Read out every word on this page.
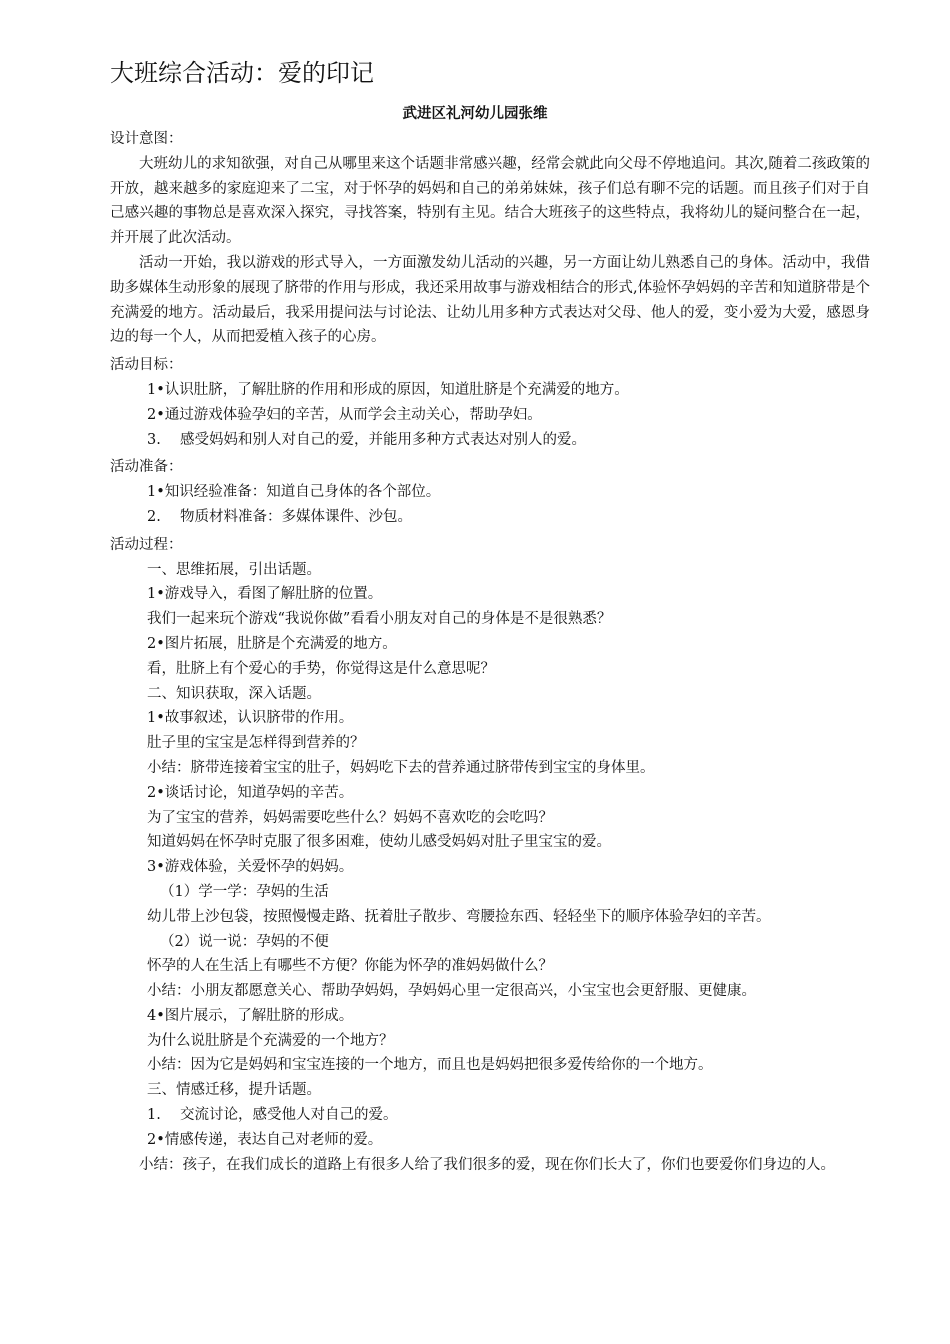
大班综合活动：爱的印记
武进区礼河幼儿园张维

设计意图：

大班幼儿的求知欲强，对自己从哪里来这个话题非常感兴趣，经常会就此向父母不停地追问。其次,随着二孩政策的开放，越来越多的家庭迎来了二宝，对于怀孕的妈妈和自己的弟弟妹妹，孩子们总有聊不完的话题。而且孩子们对于自己感兴趣的事物总是喜欢深入探究，寻找答案，特别有主见。结合大班孩子的这些特点，我将幼儿的疑问整合在一起，并开展了此次活动。

活动一开始，我以游戏的形式导入，一方面激发幼儿活动的兴趣，另一方面让幼儿熟悉自己的身体。活动中，我借助多媒体生动形象的展现了脐带的作用与形成，我还采用故事与游戏相结合的形式,体验怀孕妈妈的辛苦和知道脐带是个充满爱的地方。活动最后，我采用提问法与讨论法、让幼儿用多种方式表达对父母、他人的爱，变小爱为大爱，感恩身边的每一个人，从而把爱植入孩子的心房。

活动目标：

1•认识肚脐，了解肚脐的作用和形成的原因，知道肚脐是个充满爱的地方。

2•通过游戏体验孕妇的辛苦，从而学会主动关心，帮助孕妇。

3.　 感受妈妈和别人对自己的爱，并能用多种方式表达对别人的爱。

活动准备：

1•知识经验准备：知道自己身体的各个部位。

2.　 物质材料准备：多媒体课件、沙包。

活动过程：

一、思维拓展，引出话题。

1•游戏导入，看图了解肚脐的位置。

我们一起来玩个游戏“我说你做”看看小朋友对自己的身体是不是很熟悉？

2•图片拓展，肚脐是个充满爱的地方。

看，肚脐上有个爱心的手势，你觉得这是什么意思呢？

二、知识获取，深入话题。

1•故事叙述，认识脐带的作用。

肚子里的宝宝是怎样得到营养的？

小结：脐带连接着宝宝的肚子，妈妈吃下去的营养通过脐带传到宝宝的身体里。

2•谈话讨论，知道孕妈的辛苦。

为了宝宝的营养，妈妈需要吃些什么？妈妈不喜欢吃的会吃吗？

知道妈妈在怀孕时克服了很多困难，使幼儿感受妈妈对肚子里宝宝的爱。

3•游戏体验，关爱怀孕的妈妈。

（1）学一学：孕妈的生活

幼儿带上沙包袋，按照慢慢走路、抚着肚子散步、弯腰捡东西、轻轻坐下的顺序体验孕妇的辛苦。

（2）说一说：孕妈的不便

怀孕的人在生活上有哪些不方便？你能为怀孕的准妈妈做什么？

小结：小朋友都愿意关心、帮助孕妈妈，孕妈妈心里一定很高兴，小宝宝也会更舒服、更健康。

4•图片展示，了解肚脐的形成。

为什么说肚脐是个充满爱的一个地方？

小结：因为它是妈妈和宝宝连接的一个地方，而且也是妈妈把很多爱传给你的一个地方。

三、情感迁移，提升话题。

1.　 交流讨论，感受他人对自己的爱。

2•情感传递，表达自己对老师的爱。

小结：孩子，在我们成长的道路上有很多人给了我们很多的爱，现在你们长大了，你们也要爱你们身边的人。
